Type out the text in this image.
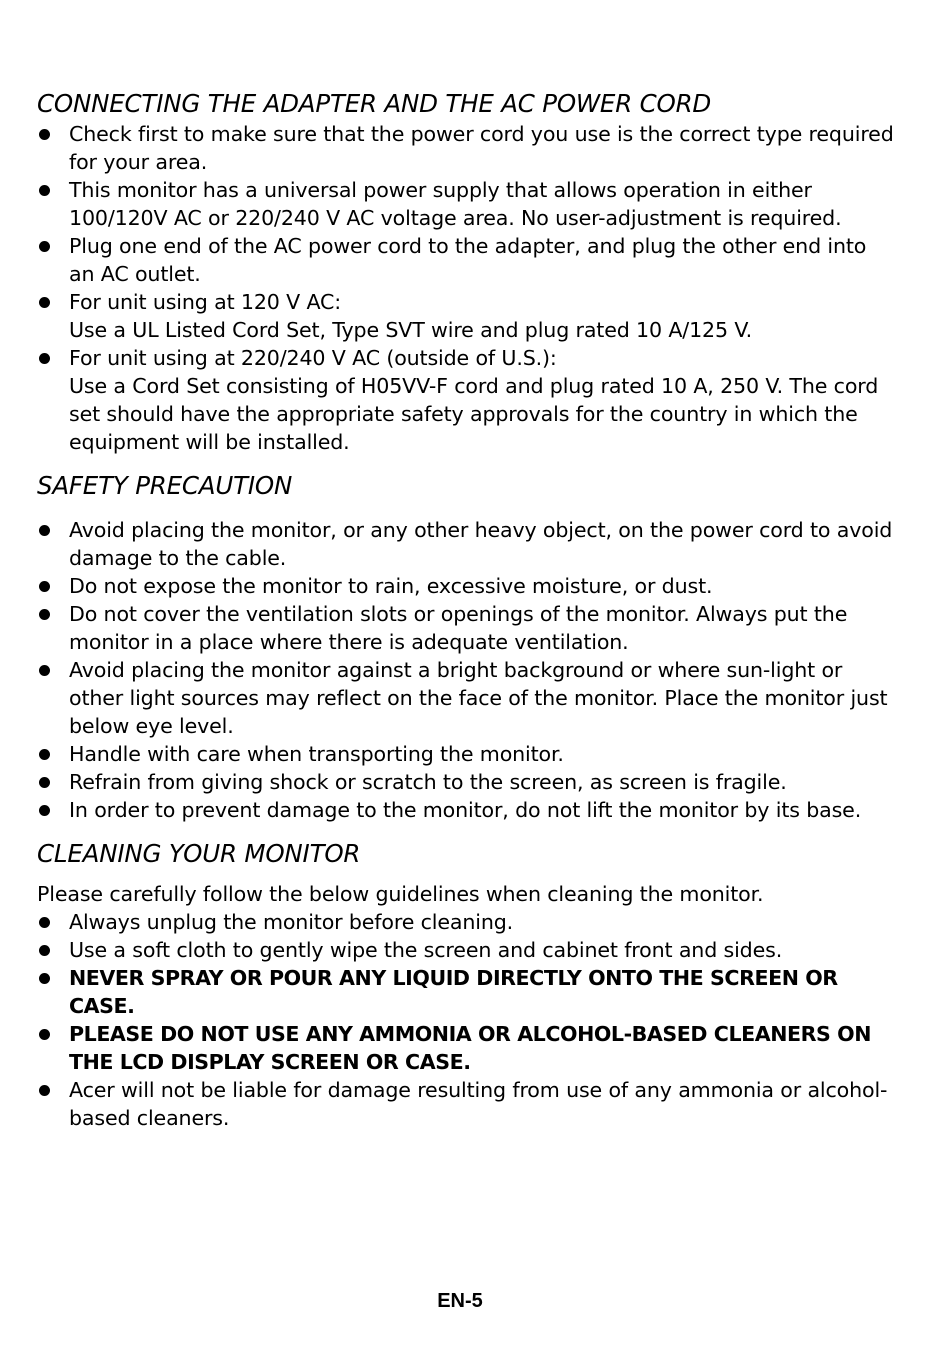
CONNECTING THE ADAPTER AND THE AC POWER CORD
Check first to make sure that the power cord you use is the correct type required for your area.
This monitor has a universal power supply that allows operation in either 100/120V AC or 220/240 V AC voltage area. No user-adjustment is required.
Plug one end of the AC power cord to the adapter, and plug the other end into an AC outlet.
For unit using at 120 V AC:
Use a UL Listed Cord Set, Type SVT wire and plug rated 10 A/125 V.
For unit using at 220/240 V AC (outside of U.S.):
Use a Cord Set consisting of H05VV-F cord and plug rated 10 A, 250 V. The cord set should have the appropriate safety approvals for the country in which the equipment will be installed.
SAFETY PRECAUTION
Avoid placing the monitor, or any other heavy object, on the power cord to avoid damage to the cable.
Do not expose the monitor to rain, excessive moisture, or dust.
Do not cover the ventilation slots or openings of the monitor. Always put the monitor in a place where there is adequate ventilation.
Avoid placing the monitor against a bright background or where sun-light or other light sources may reflect on the face of the monitor. Place the monitor just below eye level.
Handle with care when transporting the monitor.
Refrain from giving shock or scratch to the screen, as screen is fragile.
In order to prevent damage to the monitor, do not lift the monitor by its base.
CLEANING YOUR MONITOR

Please carefully follow the below guidelines when cleaning the monitor.

Always unplug the monitor before cleaning.
Use a soft cloth to gently wipe the screen and cabinet front and sides.
NEVER SPRAY OR POUR ANY LIQUID DIRECTLY ONTO THE SCREEN OR CASE.
PLEASE DO NOT USE ANY AMMONIA OR ALCOHOL-BASED CLEANERS ON THE LCD DISPLAY SCREEN OR CASE.
Acer will not be liable for damage resulting from use of any ammonia or alcohol-based cleaners.
EN-5
